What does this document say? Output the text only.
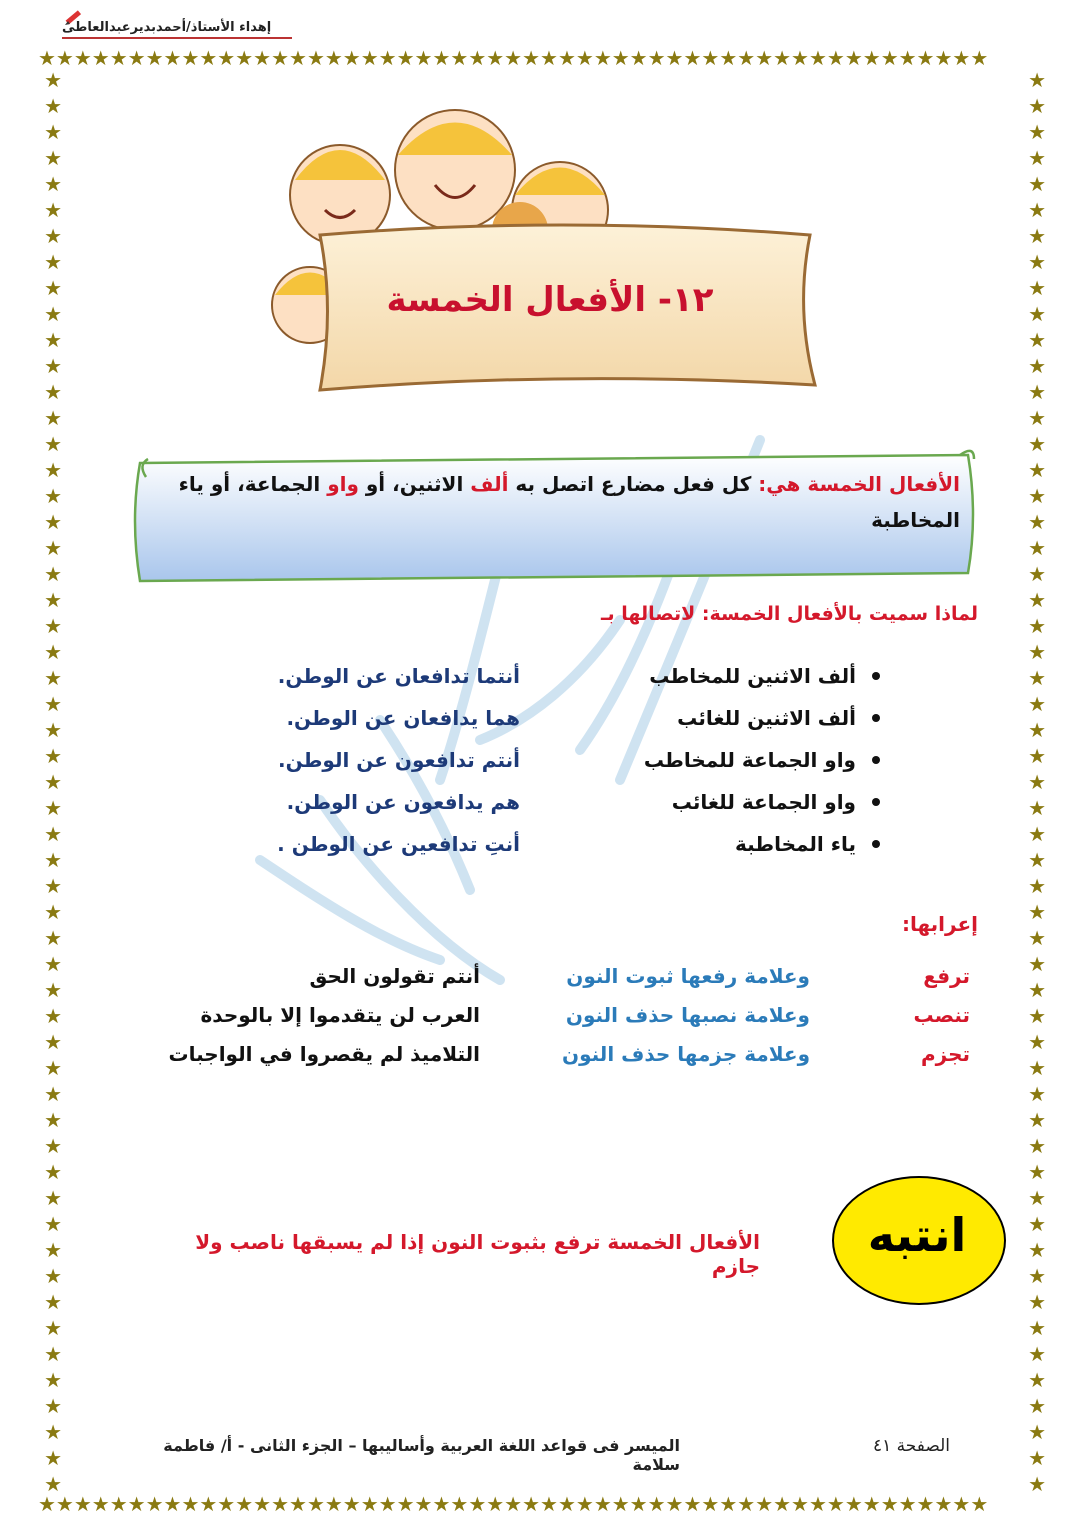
★★★★★★★★★★★★★★★★★★★★★★★★★★★★★★★★★★★★★★★★★★★★★★★★★★★★★
★★★★★★★★★★★★★★★★★★★★★★★★★★★★★★★★★★★★★★★★★★★★★★★★★★★★★
★
★
★
★
★
★
★
★
★
★
★
★
★
★
★
★
★
★
★
★
★
★
★
★
★
★
★
★
★
★
★
★
★
★
★
★
★
★
★
★
★
★
★
★
★
★
★
★
★
★
★
★
★
★
★
★
★
★
★
★
★
★
★
★
★
★
★
★
★
★
★
★
★
★
★
★
★
★
★
★
★
★
★
★
★
★
★
★
★
★
★
★
★
★
★
★
★
★
★
★
★
★
★
★
★
★
★
★
★
★
إهداء الأستاذ/أحمدبديرعبدالعاطى
١٢- الأفعال الخمسة
الأفعال الخمسة هي: كل فعل مضارع اتصل به ألف الاثنين، أو واو الجماعة، أو ياء المخاطبة
لماذا سميت بالأفعال الخمسة: لاتصالها بـ
ألف الاثنين للمخاطب
ألف الاثنين للغائب
واو الجماعة للمخاطب
واو الجماعة للغائب
ياء المخاطبة
أنتما تدافعان عن الوطن.
هما يدافعان عن الوطن.
أنتم تدافعون عن الوطن.
هم يدافعون عن الوطن.
أنتِ تدافعين عن الوطن .
إعرابها:
ترفع
وعلامة رفعها ثبوت النون
أنتم تقولون الحق
تنصب
وعلامة نصبها حذف النون
العرب لن يتقدموا إلا بالوحدة
تجزم
وعلامة جزمها حذف النون
التلاميذ لم يقصروا في الواجبات
انتبه
الأفعال الخمسة ترفع بثبوت النون إذا لم يسبقها ناصب ولا جازم
الميسر فى قواعد اللغة العربية وأساليبها – الجزء الثانى - أ/ فاطمة سلامة
الصفحة ٤١
